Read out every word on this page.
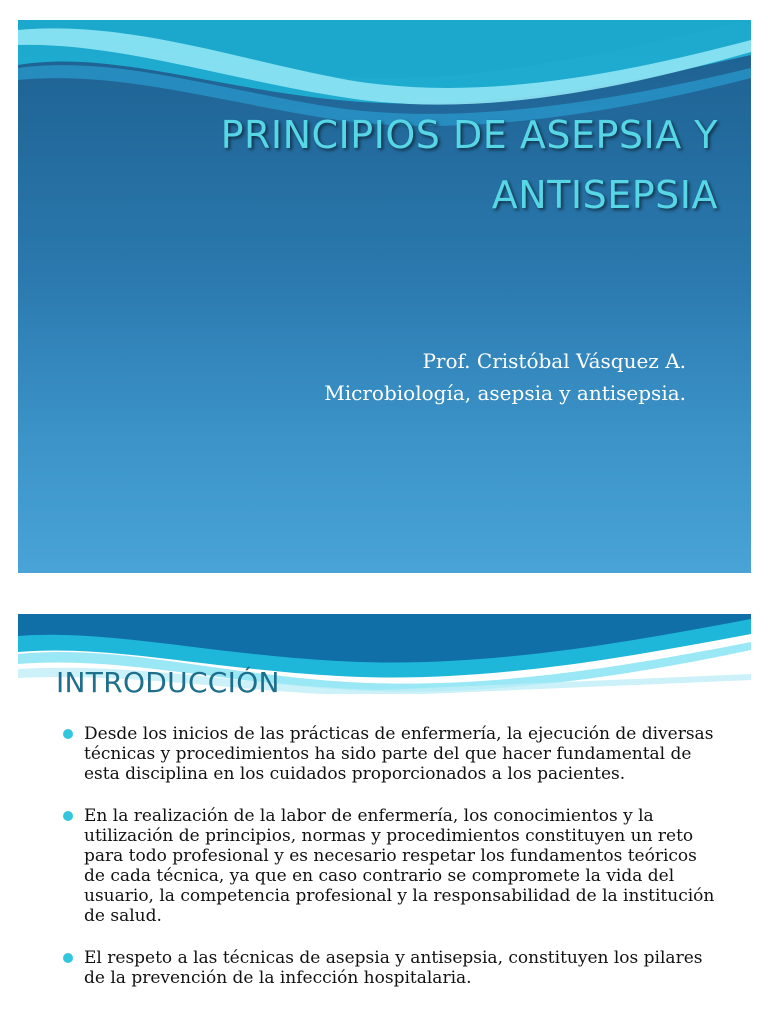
PRINCIPIOS DE ASEPSIA Y
ANTISEPSIA
Prof. Cristóbal Vásquez A.
Microbiología, asepsia y antisepsia.
INTRODUCCIÓN
Desde los inicios de las prácticas de enfermería, la ejecución de diversas técnicas y procedimientos ha sido parte del que hacer fundamental de esta disciplina en los cuidados proporcionados a los pacientes.
En la realización de la labor de enfermería, los conocimientos y la utilización de principios, normas y procedimientos constituyen un reto para todo profesional y es necesario respetar los fundamentos teóricos de cada técnica, ya que en caso contrario se compromete la vida del usuario, la competencia profesional y la responsabilidad de la institución de salud.
El respeto a las técnicas de asepsia y antisepsia, constituyen los pilares de la prevención de la infección hospitalaria.
